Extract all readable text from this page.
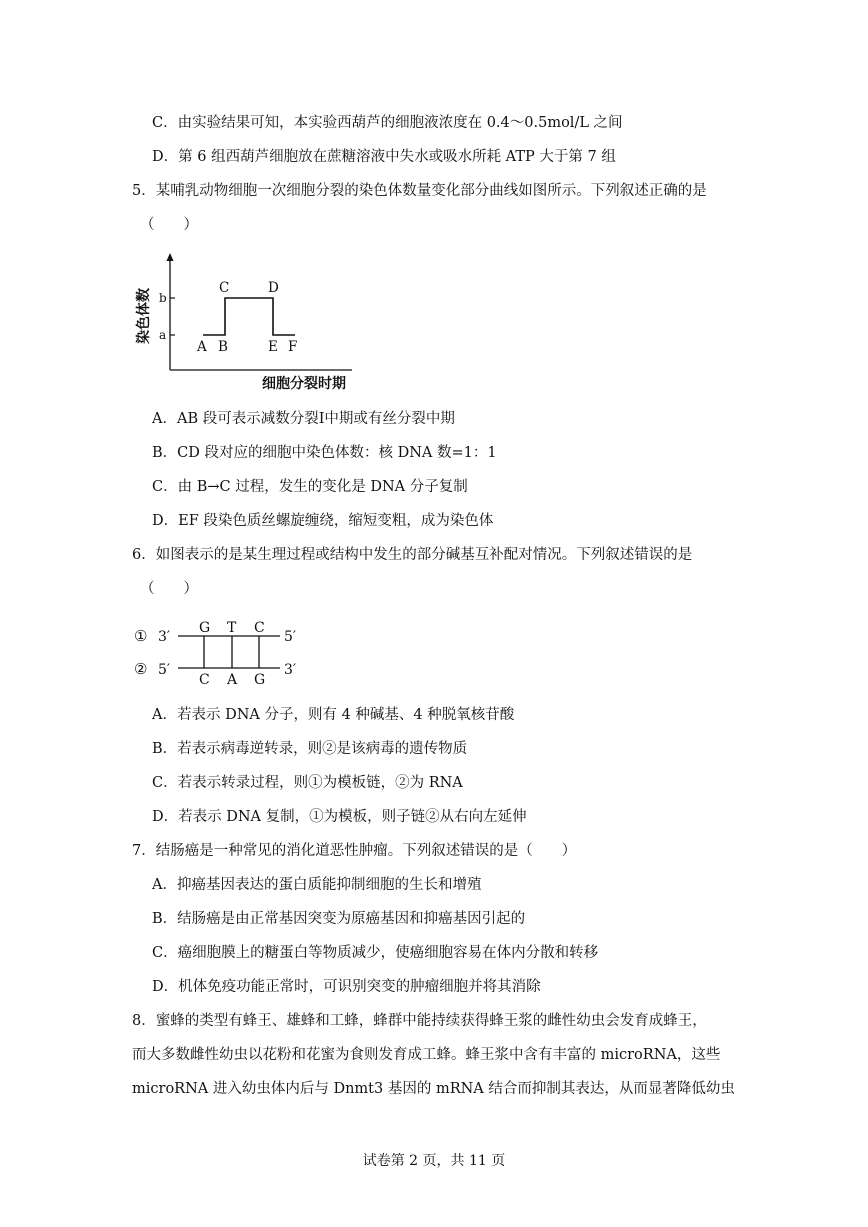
C．由实验结果可知，本实验西葫芦的细胞液浓度在 0.4～0.5mol/L 之间
D．第 6 组西葫芦细胞放在蔗糖溶液中失水或吸水所耗 ATP 大于第 7 组
5．某哺乳动物细胞一次细胞分裂的染色体数量变化部分曲线如图所示。下列叙述正确的是
（　　）
b
a
A B
C	D
E F
染色体数
细胞分裂时期
A．AB 段可表示减数分裂Ⅰ中期或有丝分裂中期
B．CD 段对应的细胞中染色体数：核 DNA 数=1：1
C．由 B→C 过程，发生的变化是 DNA 分子复制
D．EF 段染色质丝螺旋缠绕，缩短变粗，成为染色体
6．如图表示的是某生理过程或结构中发生的部分碱基互补配对情况。下列叙述错误的是
（　　）
① 3′	5′
② 5′	3′
G T C
C A G
A．若表示 DNA 分子，则有 4 种碱基、4 种脱氧核苷酸
B．若表示病毒逆转录，则②是该病毒的遗传物质
C．若表示转录过程，则①为模板链，②为 RNA
D．若表示 DNA 复制，①为模板，则子链②从右向左延伸
7．结肠癌是一种常见的消化道恶性肿瘤。下列叙述错误的是（　　）
A．抑癌基因表达的蛋白质能抑制细胞的生长和增殖
B．结肠癌是由正常基因突变为原癌基因和抑癌基因引起的
C．癌细胞膜上的糖蛋白等物质减少，使癌细胞容易在体内分散和转移
D．机体免疫功能正常时，可识别突变的肿瘤细胞并将其消除
8．蜜蜂的类型有蜂王、雄蜂和工蜂，蜂群中能持续获得蜂王浆的雌性幼虫会发育成蜂王，
而大多数雌性幼虫以花粉和花蜜为食则发育成工蜂。蜂王浆中含有丰富的 microRNA，这些
microRNA 进入幼虫体内后与 Dnmt3 基因的 mRNA 结合而抑制其表达，从而显著降低幼虫
试卷第 2 页，共 11 页
